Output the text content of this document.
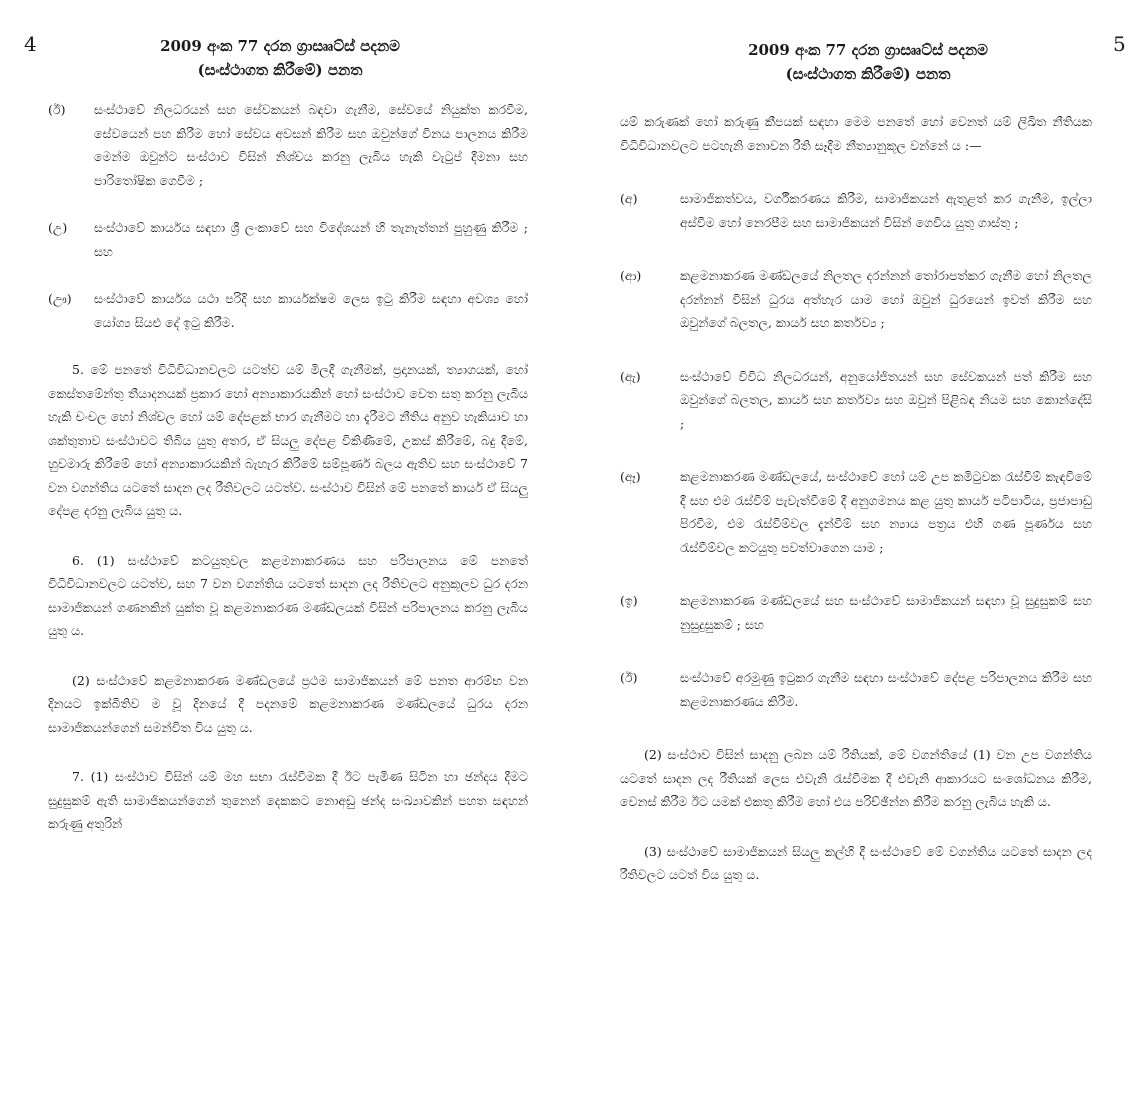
4	2009 අංක 77 දරන ග්‍රාස්‍රූට්ස් පදනම
(සංස්ථාගත කිරීමේ) පනත
(ඊ) සංස්ථාවේ නිලධරයන් සහ සේවකයන් බඳවා ගැනීම, සේවයේ නියුක්ත කරවීම, සේවයෙන් පහ කිරීම හෝ සේවය අවසන් කිරීම සහ ඔවුන්ගේ විනය පාලනය කිරීම මෙන්ම ඔවුන්ට සංස්ථාව විසින් නිශ්චය කරනු ලැබිය හැකි වැටුප් දීමනා සහ පාරිතෝෂික ගෙවීම ;
(උ) සංස්ථාවේ කාර්යය සඳහා ශ්‍රී ලංකාවේ සහ විදේශයන් හි තැනැත්තන් පුහුණු කිරීම ; සහ
(ඌ) සංස්ථාවේ කාර්යය යථා පරිදි සහ කාර්යක්ෂම ලෙස ඉටු කිරීම සඳහා අවශ්‍ය හෝ යෝග්‍ය සියළු දේ ඉටු කිරීම.
5. මේ පනතේ විධිවිධානවලට යටත්ව යම් මිලදී ගැනීමක්, ප්‍රදානයක්, ත්‍යාගයක්, හෝ කෙස්තමේන්තු තීයාදනයක් ප්‍රකාර හෝ අන්‍යාකාරයකින් හෝ සංස්ථාව වෙත සතු කරනු ලැබිය හැකි චංචල හෝ නිශ්චල හෝ යම් දේපළක් භාර ගැනීමට හා දැරීමට නීතිය අනුව හැකියාව හා ශක්තුතාව සංස්ථාවට තිබිය යුතු අතර, ඒ සියලු දේපළ විකිණීමේ, උකස් කිරීමේ, බදු දීමේ, හුවමාරු කිරීමේ හෝ අන්‍යාකාරයකින් බැහැර කිරීමේ සම්පූර්ණ බලය ඇතිව සහ සංස්ථාවේ 7 වන වගන්තිය යටතේ සාදන ලද රීතිවලට යටත්ව. සංස්ථාව විසින් මේ පනතේ කාර්ය ඒ සියලු දේපළ දරනු ලැබිය යුතු ය.
6. (1) සංස්ථාවේ කටයුතුවල කළමනාකරණය සහ පරිපාලනය මේ පනතේ විධිවිධානවලට යටත්ව, සහ 7 වන වගන්තිය යටතේ සාදන ලද රීතිවලට අනුකූලව ධුර දරන සාමාජිකයන් ගණනකින් යුක්ත වූ කළමනාකරණ මණ්ඩලයක් විසින් පරිපාලනය කරනු ලැබිය යුතු ය.
(2) සංස්ථාවේ කළමනාකරණ මණ්ඩලයේ ප්‍රථම සාමාජිකයන් මේ පනත ආරම්භ වන දිනයට ඉක්බිතිව ම වූ දිනයේ දී පදනමේ කළමනාකරණ මණ්ඩලයේ ධුරය දරන සාමාජිකයන්ගෙන් සමන්විත විය යුතු ය.
7. (1) සංස්ථාව විසින් යම් මහ සභා රැස්වීමක දී ඊට පැමිණ සිටින හා ඡන්දය දීමට සුදුසුකම් ඇති සාමාජිකයන්ගෙන් තුනෙන් දෙකකට නොඅඩු ඡන්ද සංඛ්‍යාවකින් පහත සඳහන් කරුණු අතුරින්
5
2009 අංක 77 දරන ග්‍රාස්‍රූට්ස් පදනම
(සංස්ථාගත කිරීමේ) පනත
යම් කරුණක් හෝ කරුණු කීපයක් සඳහා මෙම පනතේ හෝ වෙනත් යම් ලිඛිත නීතියක විධිවිධානවලට පටහැනි නොවන රීති සෑදීම නීත්‍යානුකූල වන්නේ ය :—
(අ)	සාමාජිකත්වය, වර්ගීකරණය කිරීම, සාමාජිකයන් ඇතුළත් කර ගැනීම, ඉල්ලා අස්වීම හෝ නෙරපීම සහ සාමාජිකයන් විසින් ගෙවිය යුතු ගාස්තු ;
(ආ)	කළමනාකරණ මණ්ඩලයේ නිලතල දරන්නන් තෝරාපත්කර ගැනීම හෝ නිලතල දරන්නන් විසින් ධුරය අත්හැර යාම හෝ ඔවුන් ධුරයෙන් ඉවත් කිරීම සහ ඔවුන්ගේ බලතල, කාර්ය සහ කර්තව්‍ය ;
(ඇ)	සංස්ථාවේ විවිධ නිලධරයන්, අනුයෝජිතයන් සහ සේවකයන් පත් කිරීම සහ ඔවුන්ගේ බලතල, කාර්ය සහ කර්තව්‍ය සහ ඔවුන් පිළිබඳ නියම සහ කොන්දේසි ;
(ඈ)	කළමනාකරණ මණ්ඩලයේ, සංස්ථාවේ හෝ යම් උප කමිටුවක රැස්වීම් කැඳවීමේ දී සහ එම රැස්වීම් පැවැත්වීමේ දී අනුගමනය කළ යුතු කාර්ය පටිපාටිය, ප්‍රජාපාඩු පිරවීම, එම රැස්වීම්වල දැන්වීම් සහ න්‍යාය පත්‍රය එහි ගණ පූර්ණය සහ රැස්වීම්වල කටයුතු පවත්වාගෙන යාම ;
(ඉ)	කළමනාකරණ මණ්ඩලයේ සහ සංස්ථාවේ සාමාජිකයන් සඳහා වූ සුදුසුකම් සහ නුසුදුසුකම් ; සහ
(ඊ)	සංස්ථාවේ අරමුණු ඉටුකර ගැනීම සඳහා සංස්ථාවේ දේපළ පරිපාලනය කිරීම සහ කළමනාකරණය කිරීම.
(2) සංස්ථාව විසින් සාදනු ලබන යම් රීතියක්, මේ වගන්තියේ (1) වන උප වගන්තිය යටතේ සාදන ලද රීතියක් ලෙස එවැනි රැස්වීමක දී එවැනි ආකාරයට සංශෝධනය කිරීම, වෙනස් කිරීම ඊට යමක් එකතු කිරීම හෝ එය පරිච්ඡින්න කිරීම කරනු ලැබිය හැකි ය.
(3) සංස්ථාවේ සාමාජිකයන් සියලු කල්හි දී සංස්ථාවේ මේ වගන්තිය යටතේ සාදන ලද රීතිවලට යටත් විය යුතු ය.
